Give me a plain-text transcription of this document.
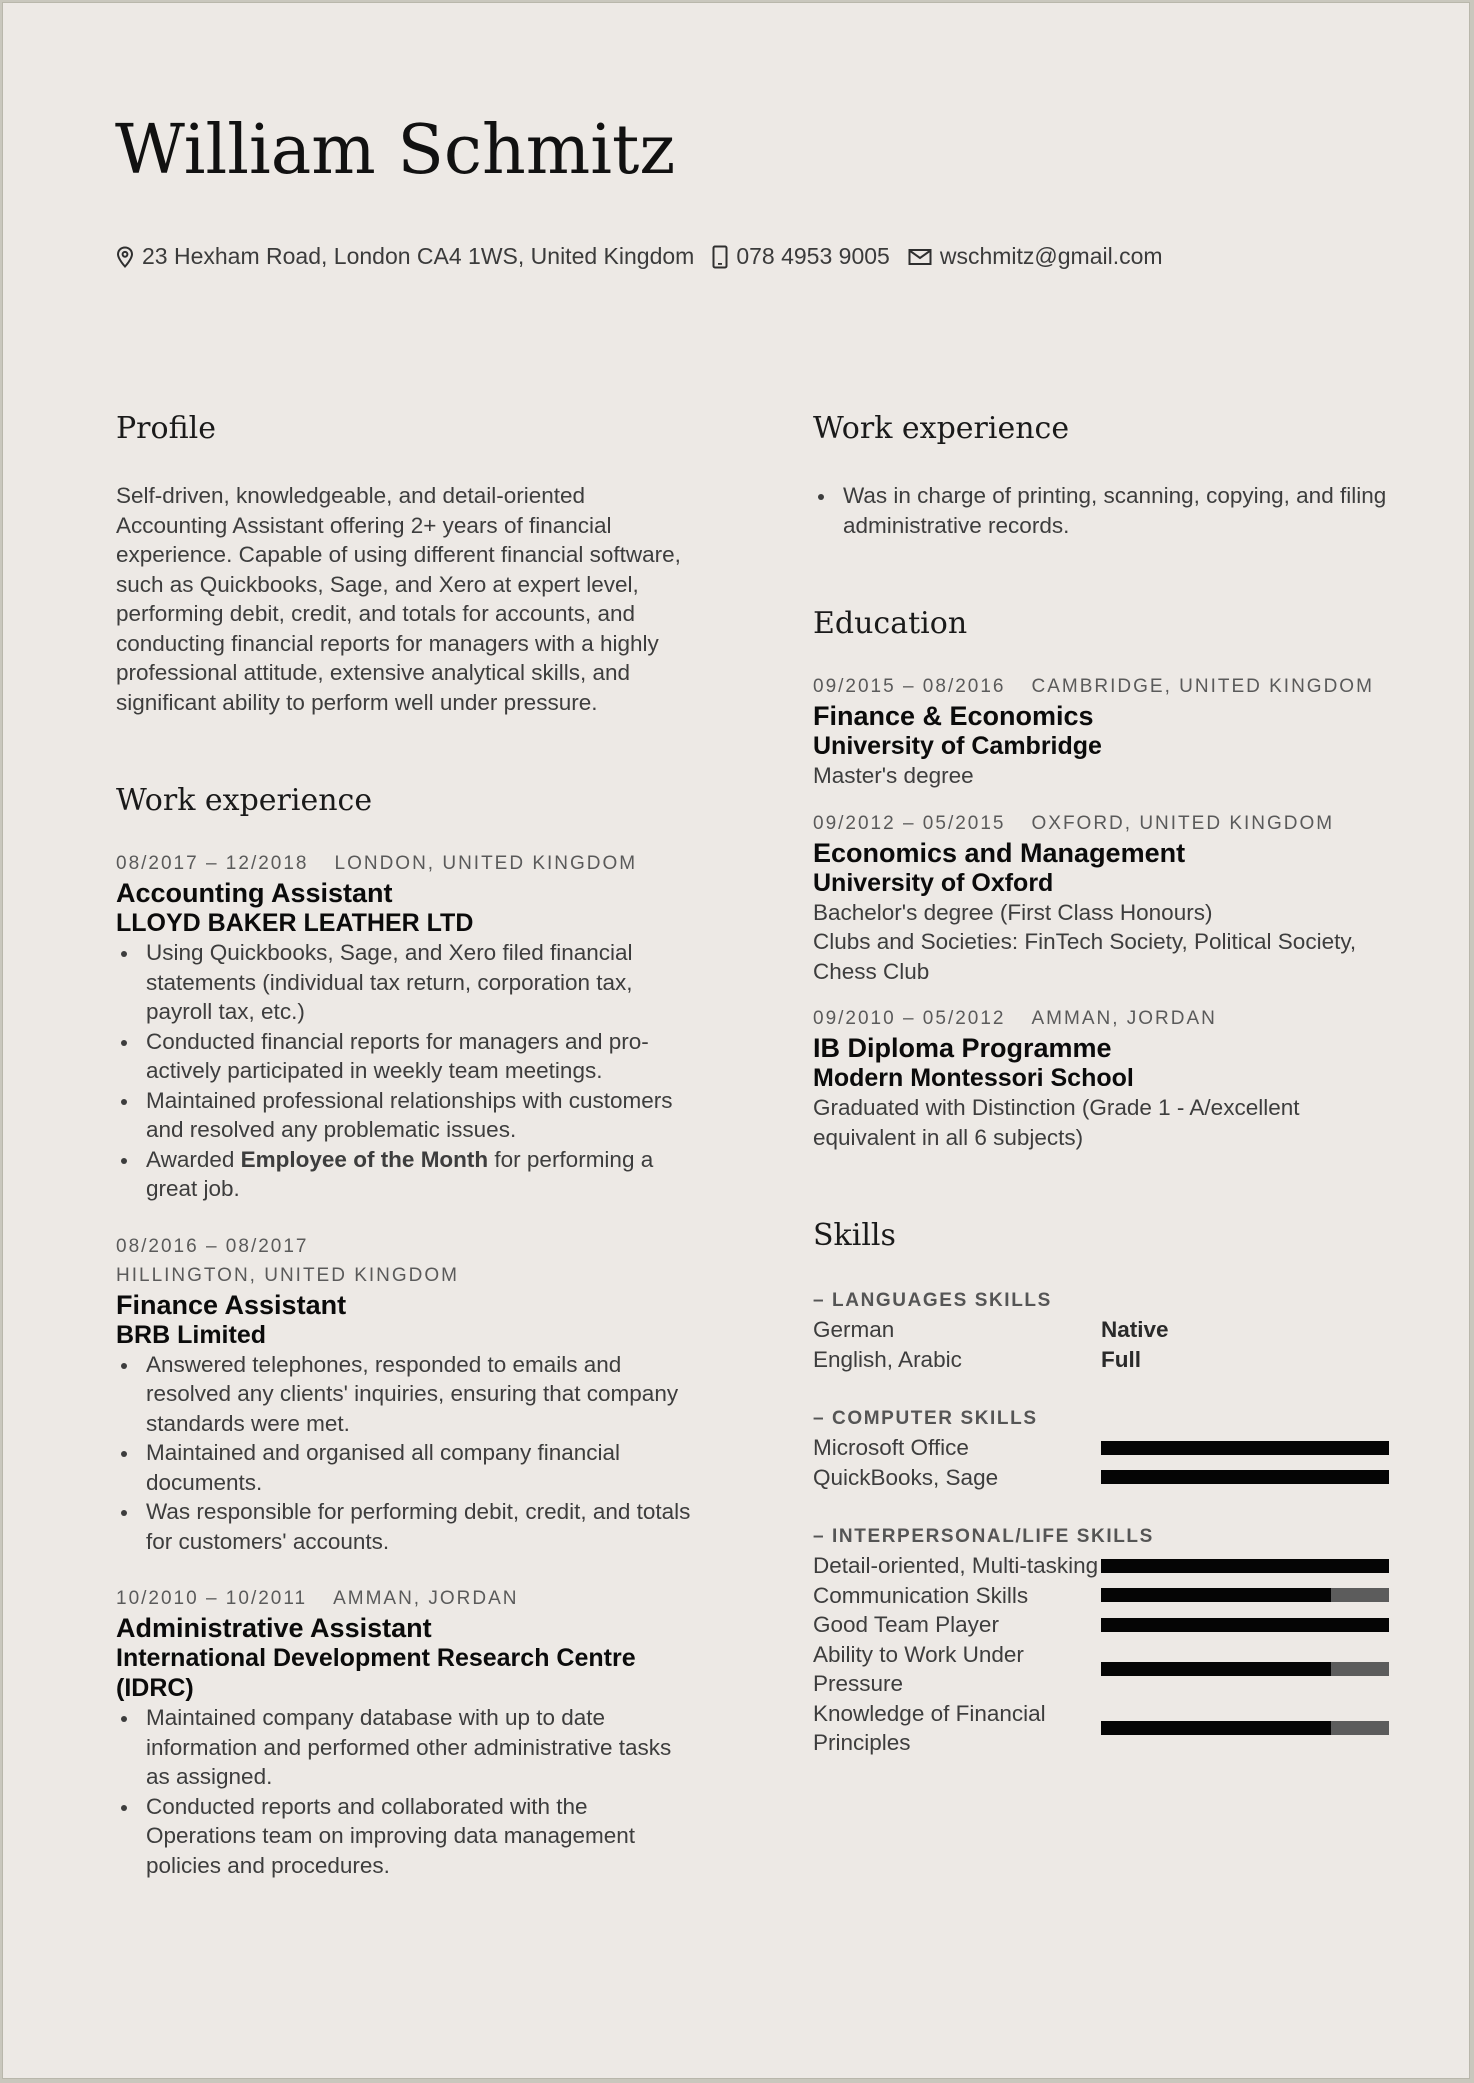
William Schmitz
23 Hexham Road, London CA4 1WS, United Kingdom 078 4953 9005 wschmitz@gmail.com
Profile

Self-driven, knowledgeable, and detail-oriented Accounting Assistant offering 2+ years of financial experience. Capable of using different financial software, such as Quickbooks, Sage, and Xero at expert level, performing debit, credit, and totals for accounts, and conducting financial reports for managers with a highly professional attitude, extensive analytical skills, and significant ability to perform well under pressure.

Work experience
08/2017 – 12/2018 LONDON, UNITED KINGDOM
Accounting Assistant
LLOYD BAKER LEATHER LTD
Using Quickbooks, Sage, and Xero filed financial statements (individual tax return, corporation tax, payroll tax, etc.)
Conducted financial reports for managers and pro-actively participated in weekly team meetings.
Maintained professional relationships with customers and resolved any problematic issues.
Awarded Employee of the Month for performing a great job.
08/2016 – 08/2017
HILLINGTON, UNITED KINGDOM
Finance Assistant
BRB Limited
Answered telephones, responded to emails and resolved any clients' inquiries, ensuring that company standards were met.
Maintained and organised all company financial documents.
Was responsible for performing debit, credit, and totals for customers' accounts.
10/2010 – 10/2011 AMMAN, JORDAN
Administrative Assistant
International Development Research Centre (IDRC)
Maintained company database with up to date information and performed other administrative tasks as assigned.
Conducted reports and collaborated with the Operations team on improving data management policies and procedures.
Work experience
Was in charge of printing, scanning, copying, and filing administrative records.
Education
09/2015 – 08/2016 CAMBRIDGE, UNITED KINGDOM
Finance & Economics
University of Cambridge
Master's degree
09/2012 – 05/2015 OXFORD, UNITED KINGDOM
Economics and Management
University of Oxford
Bachelor's degree (First Class Honours)
Clubs and Societies: FinTech Society, Political Society, Chess Club
09/2010 – 05/2012 AMMAN, JORDAN
IB Diploma Programme
Modern Montessori School
Graduated with Distinction (Grade 1 - A/excellent equivalent in all 6 subjects)
Skills
– LANGUAGES SKILLS
German	Native
English, Arabic	Full
– COMPUTER SKILLS
Microsoft Office
QuickBooks, Sage
– INTERPERSONAL/LIFE SKILLS
Detail-oriented, Multi-tasking
Communication Skills
Good Team Player
Ability to Work Under Pressure
Knowledge of Financial Principles
